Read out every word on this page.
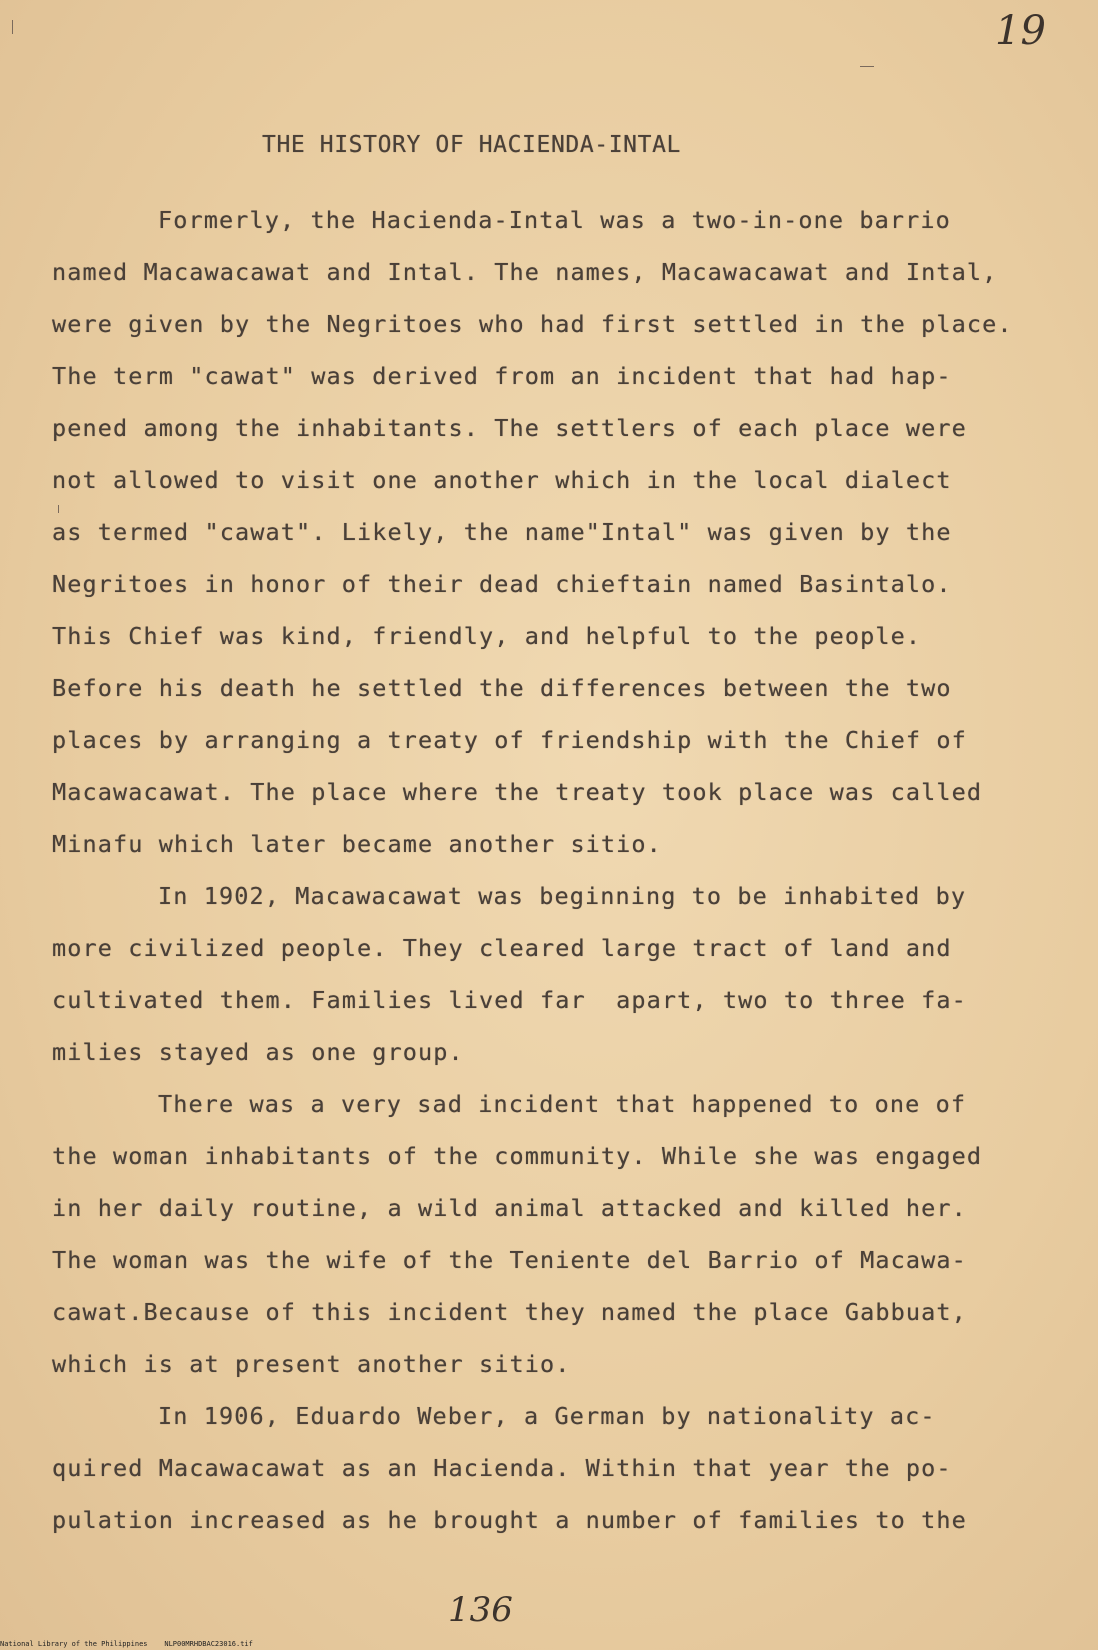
19
THE HISTORY OF HACIENDA-INTAL
Formerly, the Hacienda-Intal was a two-in-one barrio
named Macawacawat and Intal. The names, Macawacawat and Intal,
were given by the Negritoes who had first settled in the place.
The term "cawat" was derived from an incident that had hap-
pened among the inhabitants. The settlers of each place were
not allowed to visit one another which in the local dialect
as termed "cawat". Likely, the name"Intal" was given by the
Negritoes in honor of their dead chieftain named Basintalo.
This Chief was kind, friendly, and helpful to the people.
Before his death he settled the differences between the two
places by arranging a treaty of friendship with the Chief of
Macawacawat. The place where the treaty took place was called
Minafu which later became another sitio.
In 1902, Macawacawat was beginning to be inhabited by
more civilized people. They cleared large tract of land and
cultivated them. Families lived far  apart, two to three fa-
milies stayed as one group.
There was a very sad incident that happened to one of
the woman inhabitants of the community. While she was engaged
in her daily routine, a wild animal attacked and killed her.
The woman was the wife of the Teniente del Barrio of Macawa-
cawat.Because of this incident they named the place Gabbuat,
which is at present another sitio.
In 1906, Eduardo Weber, a German by nationality ac-
quired Macawacawat as an Hacienda. Within that year the po-
pulation increased as he brought a number of families to the
136
National Library of the Philippines    NLP00MRHDBAC23016.tif
